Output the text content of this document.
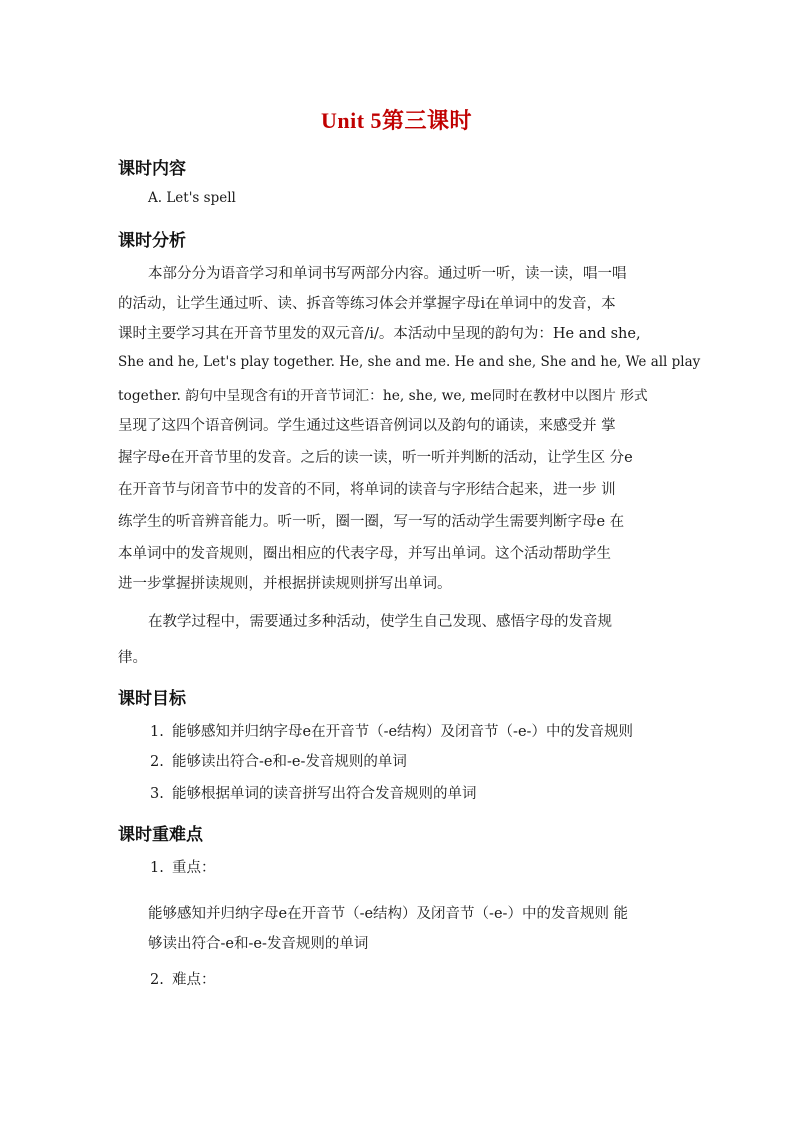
Unit 5第三课时
课时内容
A. Let's spell
课时分析
本部分分为语音学习和单词书写两部分内容。通过听一听，读一读，唱一唱
的活动，让学生通过听、读、拆音等练习体会并掌握字母i在单词中的发音，本
课时主要学习其在开音节里发的双元音/i/。本活动中呈现的韵句为：He and she,
She and he, Let's play together. He, she and me. He and she, She and he, We all play
together. 韵句中呈现含有i的开音节词汇：he, she, we, me同时在教材中以图片 形式
呈现了这四个语音例词。学生通过这些语音例词以及韵句的诵读，来感受并 掌
握字母e在开音节里的发音。之后的读一读，听一听并判断的活动，让学生区 分e
在开音节与闭音节中的发音的不同，将单词的读音与字形结合起来，进一步 训
练学生的听音辨音能力。听一听，圈一圈，写一写的活动学生需要判断字母e 在
本单词中的发音规则，圈出相应的代表字母，并写出单词。这个活动帮助学生
进一步掌握拼读规则，并根据拼读规则拼写出单词。
在教学过程中，需要通过多种活动，使学生自己发现、感悟字母的发音规
律。
课时目标
1. 能够感知并归纳字母e在开音节（-e结构）及闭音节（-e-）中的发音规则
2. 能够读出符合-e和-e-发音规则的单词
3. 能够根据单词的读音拼写出符合发音规则的单词
课时重难点
1. 重点：
能够感知并归纳字母e在开音节（-e结构）及闭音节（-e-）中的发音规则 能
够读出符合-e和-e-发音规则的单词
2. 难点：
